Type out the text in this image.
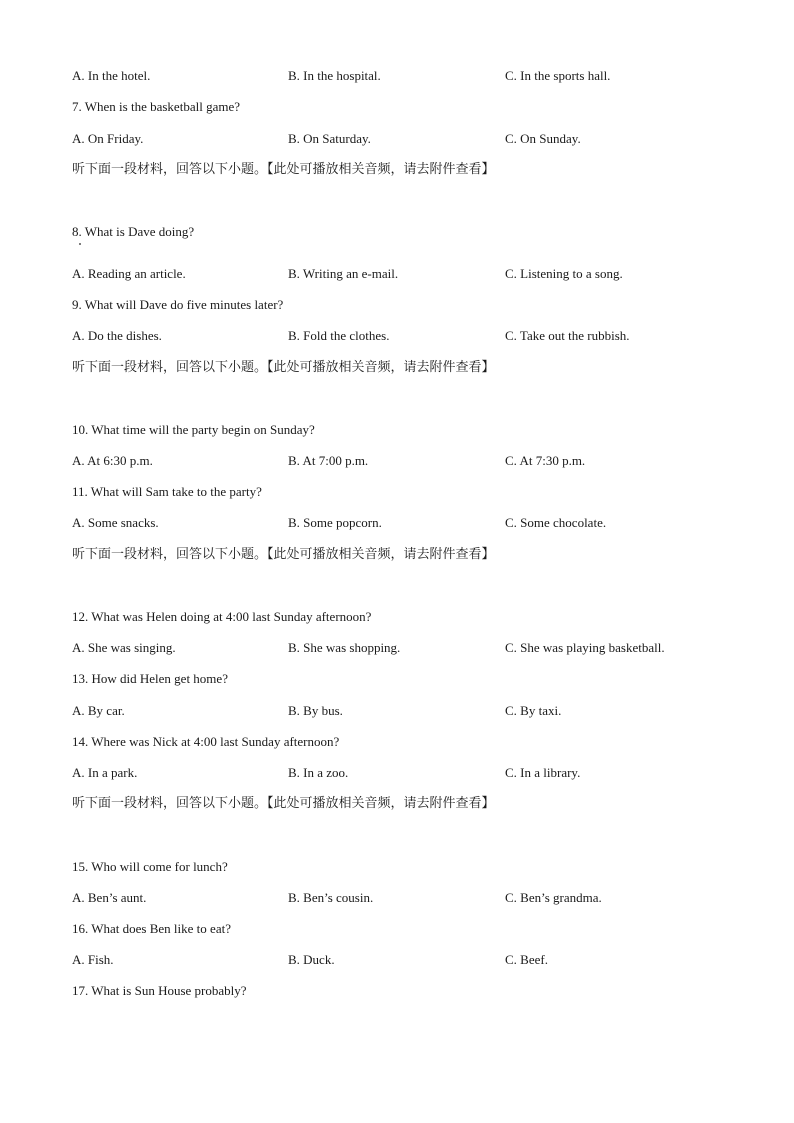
A. In the hotel.	B. In the hospital.	C. In the sports hall.
7. When is the basketball game?
A. On Friday.	B. On Saturday.	C. On Sunday.
听下面一段材料，回答以下小题。【此处可播放相关音频，请去附件查看】
8. What is Dave doing?
A. Reading an article.	B. Writing an e-mail.	C. Listening to a song.
9. What will Dave do five minutes later?
A. Do the dishes.	B. Fold the clothes.	C. Take out the rubbish.
听下面一段材料，回答以下小题。【此处可播放相关音频，请去附件查看】
10. What time will the party begin on Sunday?
A. At 6:30 p.m.	B. At 7:00 p.m.	C. At 7:30 p.m.
11. What will Sam take to the party?
A. Some snacks.	B. Some popcorn.	C. Some chocolate.
听下面一段材料，回答以下小题。【此处可播放相关音频，请去附件查看】
12. What was Helen doing at 4:00 last Sunday afternoon?
A. She was singing.	B. She was shopping.	C. She was playing basketball.
13. How did Helen get home?
A. By car.	B. By bus.	C. By taxi.
14. Where was Nick at 4:00 last Sunday afternoon?
A. In a park.	B. In a zoo.	C. In a library.
听下面一段材料，回答以下小题。【此处可播放相关音频，请去附件查看】
15. Who will come for lunch?
A. Ben’s aunt.	B. Ben’s cousin.	C. Ben’s grandma.
16. What does Ben like to eat?
A. Fish.	B. Duck.	C. Beef.
17. What is Sun House probably?
